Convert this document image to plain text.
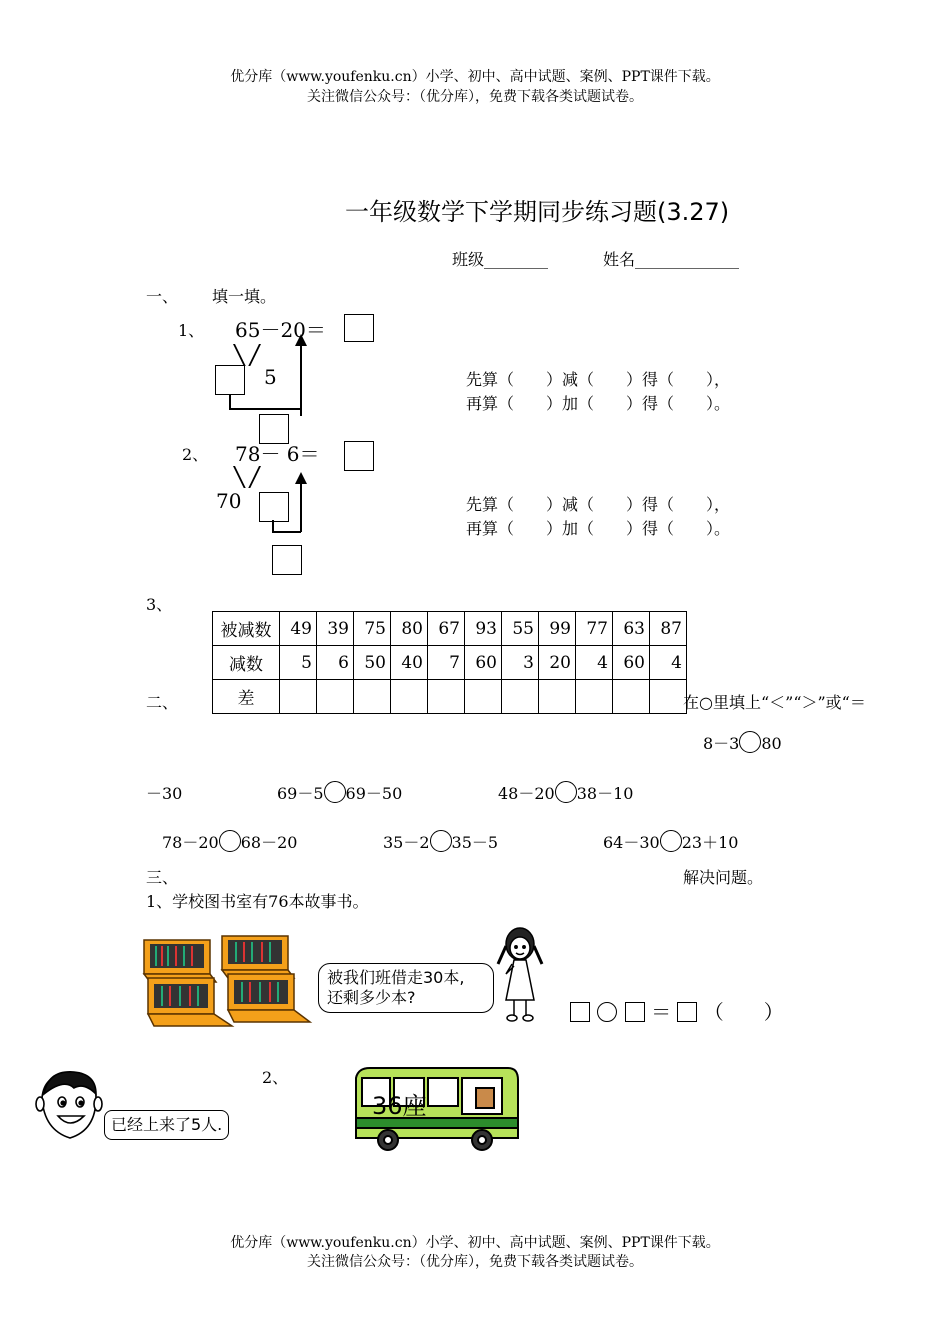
优分库（www.youfenku.cn）小学、初中、高中试题、案例、PPT课件下载。
关注微信公众号：（优分库），免费下载各类试题试卷。
一年级数学下学期同步练习题(3.27)
班级________	姓名_____________
一、 填一填。
1、 65－20＝
5	先算（　　）减（　　）得（　　），
再算（　　）加（　　）得（　　）。
2、 78－ 6＝
70	先算（　　）减（　　）得（　　），
再算（　　）加（　　）得（　　）。
3、
被减数	49	39	75	80	67	93	55	99	77	63	87
减数	5	6	50	40	7	60	3	20	4	60	4
差											
二、	在○里填上“＜”“＞”或“＝
8－3 80
－30	69－5 69－50	48－20 38－10
78－20 68－20	35－2 35－5	64－30 23＋10
三、	解决问题。
1、学校图书室有76本故事书。
被我们班借走30本,
还剩多少本?
＝ （　　）
2、
已经上来了5人.
36座
优分库（www.youfenku.cn）小学、初中、高中试题、案例、PPT课件下载。
关注微信公众号：（优分库），免费下载各类试题试卷。
